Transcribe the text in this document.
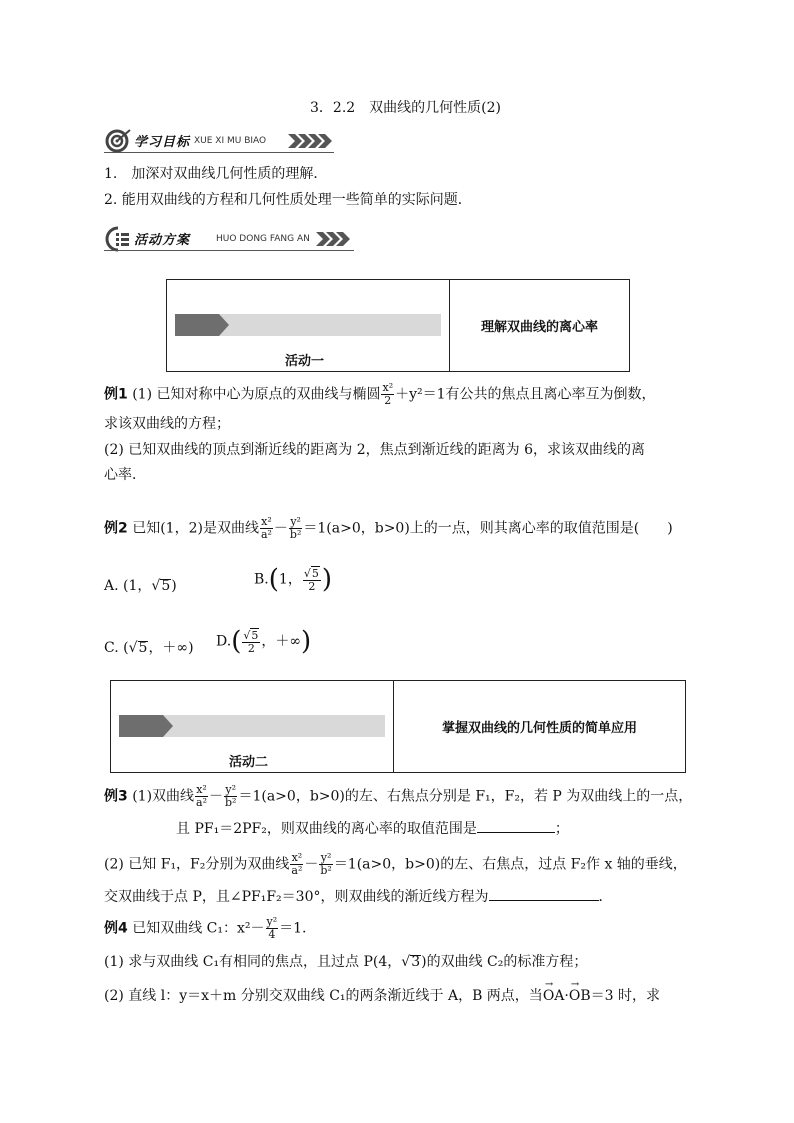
3．2.2　双曲线的几何性质(2)
学习目标 XUE XI MU BIAO
1.　加深对双曲线几何性质的理解．
2. 能用双曲线的方程和几何性质处理一些简单的实际问题．
活动方案	HUO DONG FANG AN
活动一
理解双曲线的离心率
例1 (1) 已知对称中心为原点的双曲线与椭圆 $\frac{\text{x²}}{2} +y^2=1$有公共的焦点且离心率互为倒数，
求该双曲线的方程；
(2) 已知双曲线的顶点到渐近线的距离为 2，焦点到渐近线的距离为 6，求该双曲线的离
心率．
例2 已知(1，2)是双曲线 $\frac{\text{x²}}{\text{a²}} - \frac{\text{y²}}{\text{b²}} =1(a>0$，b>0)上的一点，则其离心率的取值范围是(　　)
A. (1，√5)	B.(1， $\frac{√5}{2}$ )
C. (√5，＋∞) $D.( \frac{√5}{2}$ ，＋∞)
活动二
掌握双曲线的几何性质的简单应用
例3 (1)双曲线 $\frac{\text{x²}}{\text{a²}} - \frac{\text{y²}}{\text{b²}} =1(a>0$，b>0)的左、右焦点分别是 F₁，F₂，若 P 为双曲线上的一点，
且 PF₁＝2PF₂，则双曲线的离心率的取值范围是	；
(2) 已知 F₁，F₂分别为双曲线 $\frac{\text{x²}}{\text{a²}} - \frac{\text{y²}}{\text{b²}} =1(a>0$，b>0)的左、右焦点，过点 F₂作 x 轴的垂线，
交双曲线于点 P，且∠PF₁F₂＝30°，则双曲线的渐近线方程为	．
例4 已知双曲线 C₁：$x^2- \frac{\text{y²}}{4} =1$.
(1) 求与双曲线 C₁有相同的焦点，且过点 P(4，√3)的双曲线 C₂的标准方程；
(2) 直线 l：y＝x＋m 分别交双曲线 C₁的两条渐近线于 A，B 两点，当→ OA·→ OB＝3 时，求
